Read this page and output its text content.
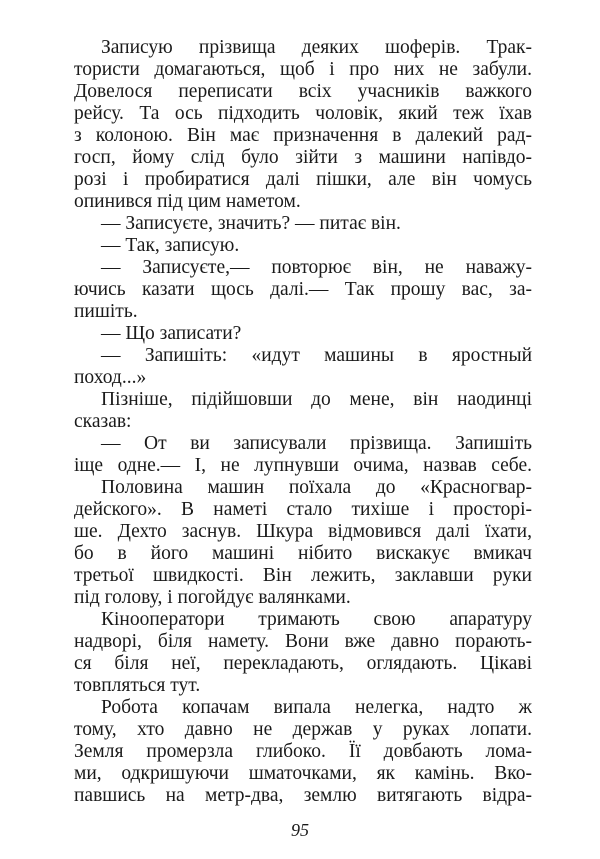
Записую прізвища деяких шоферів. Трак-
тористи домагаються, щоб і про них не забули.
Довелося переписати всіх учасників важкого
рейсу. Та ось підходить чоловік, який теж їхав
з колоною. Він має призначення в далекий рад-
госп, йому слід було зійти з машини напівдо-
розі і пробиратися далі пішки, але він чомусь
опинився під цим наметом.
— Записуєте, значить? — питає він.
— Так, записую.
— Записуєте,— повторює він, не наважу-
ючись казати щось далі.— Так прошу вас, за-
пишіть.
— Що записати?
— Запишіть: «идут машины в яростный
поход...»
Пізніше, підійшовши до мене, він наодинці
сказав:
— От ви записували прізвища. Запишіть
іще одне.— І, не лупнувши очима, назвав себе.
Половина машин поїхала до «Красногвар-
дейского». В наметі стало тихіше і просторі-
ше. Дехто заснув. Шкура відмовився далі їхати,
бо в його машині нібито вискакує вмикач
третьої швидкості. Він лежить, заклавши руки
під голову, і погойдує валянками.
Кінооператори тримають свою апаратуру
надворі, біля намету. Вони вже давно порають-
ся біля неї, перекладають, оглядають. Цікаві
товпляться тут.
Робота копачам випала нелегка, надто ж
тому, хто давно не держав у руках лопати.
Земля промерзла глибоко. Її довбають лома-
ми, одкришуючи шматочками, як камінь. Вко-
павшись на метр-два, землю витягають відра-
95
